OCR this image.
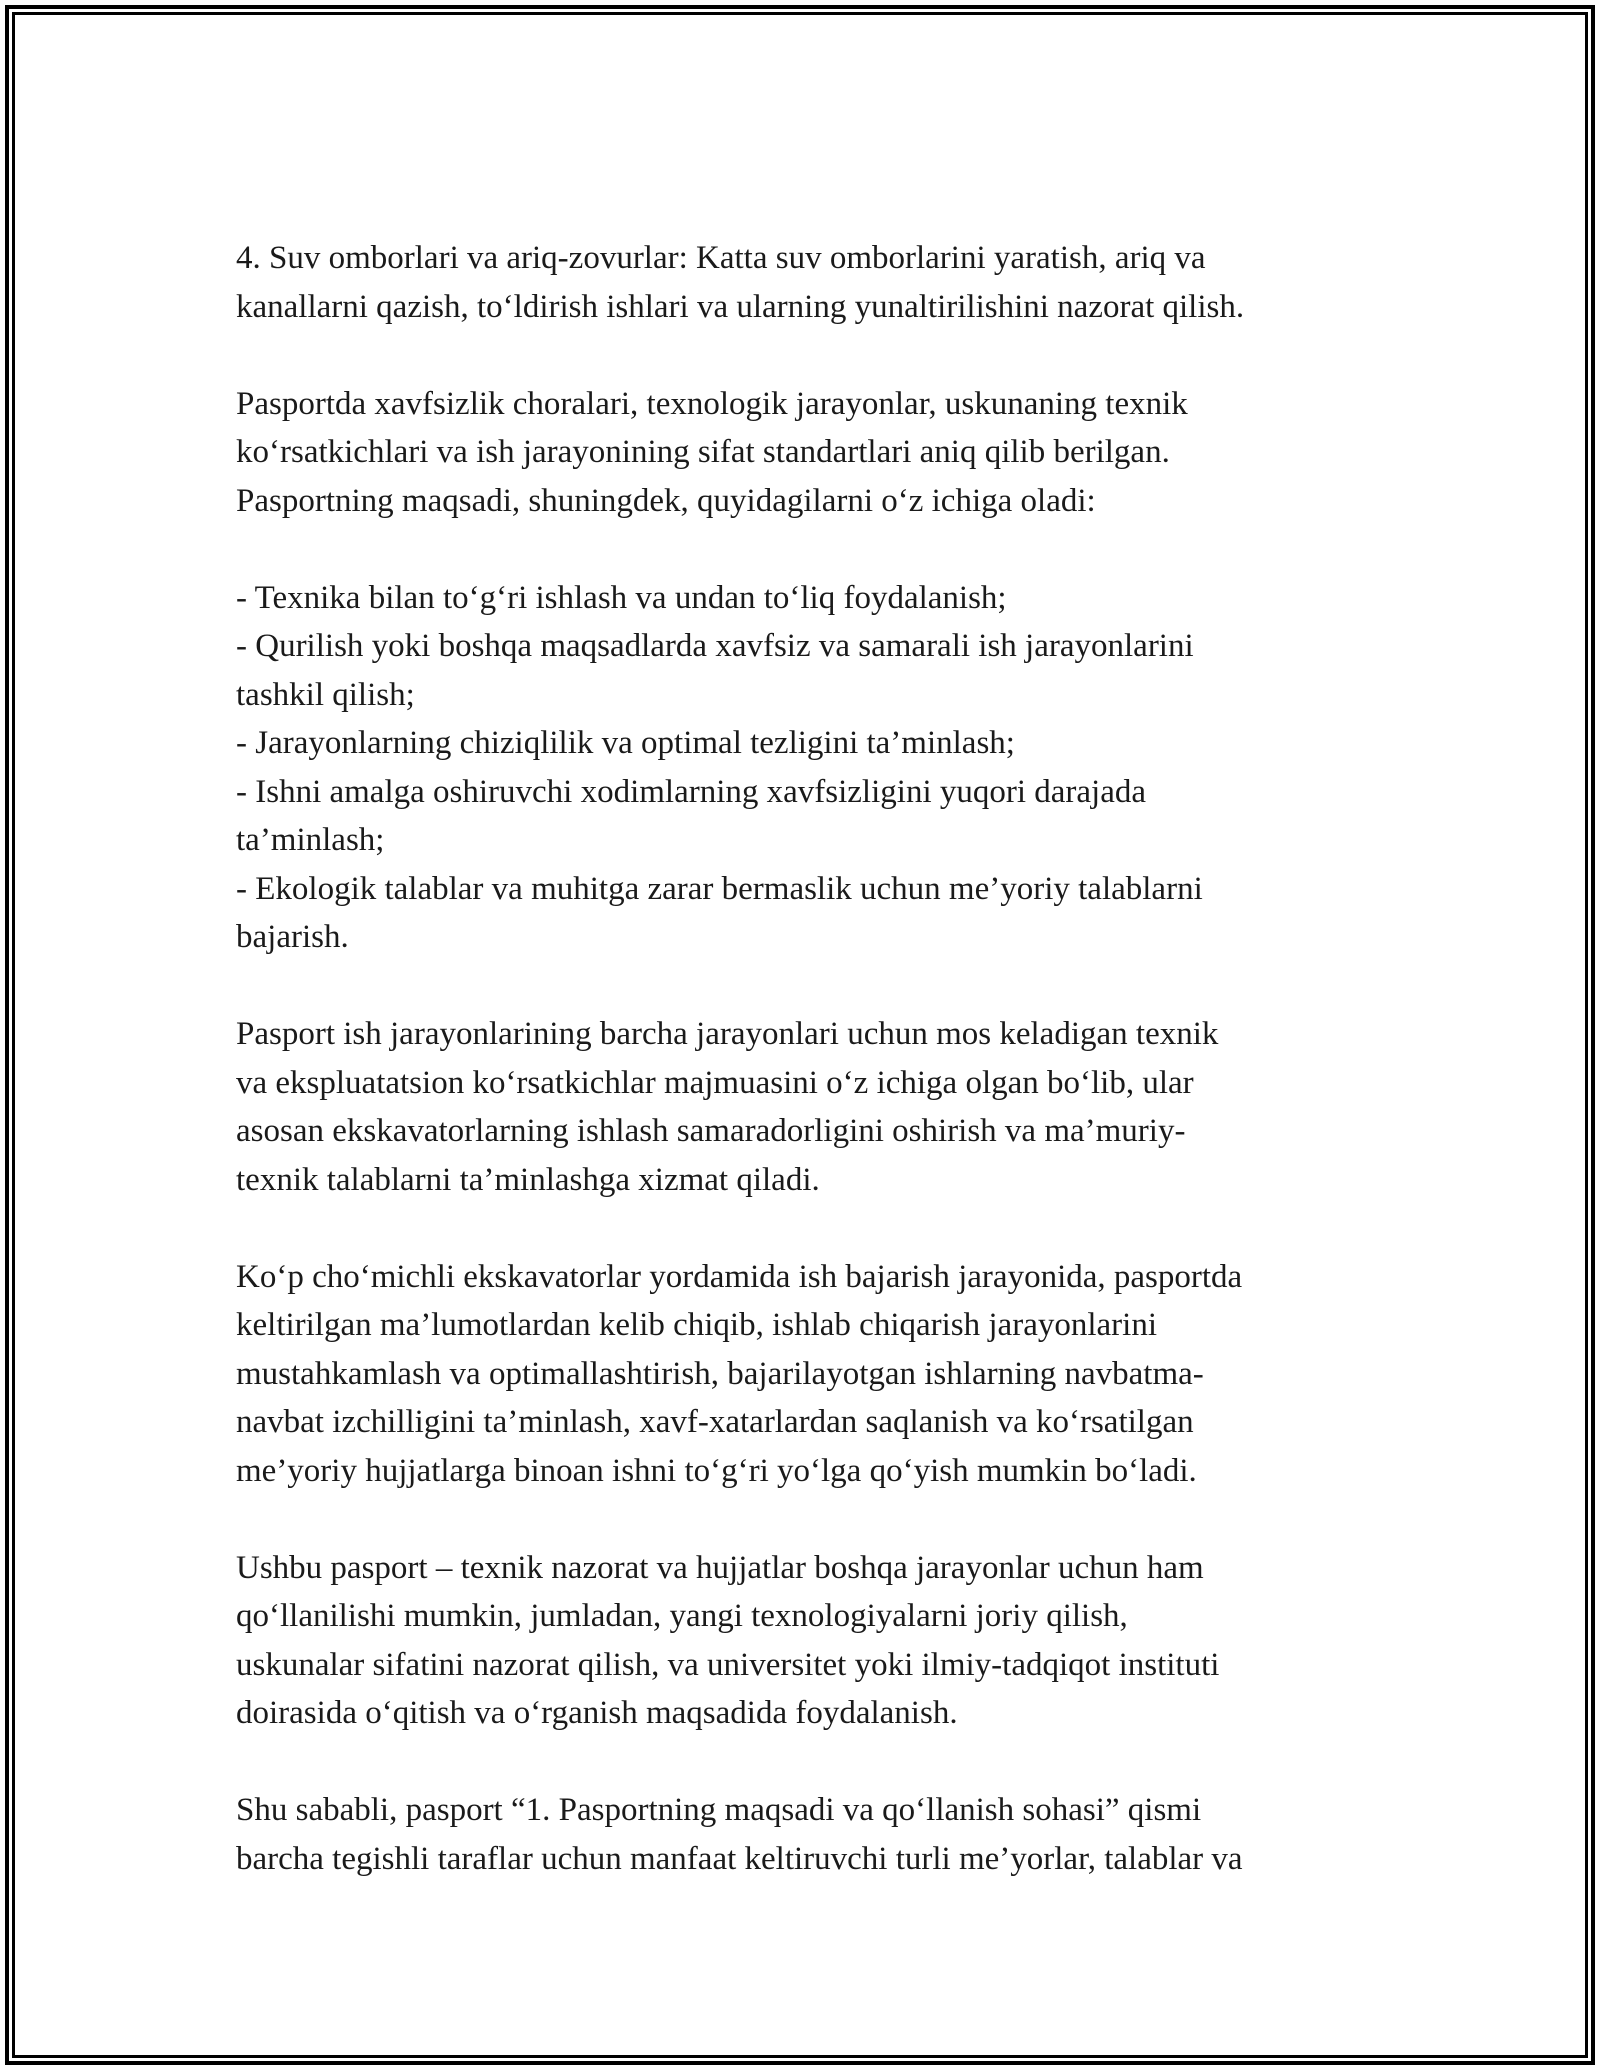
4. Suv omborlari va ariq-zovurlar: Katta suv omborlarini yaratish, ariq va
kanallarni qazish, to‘ldirish ishlari va ularning yunaltirilishini nazorat qilish.

Pasportda xavfsizlik choralari, texnologik jarayonlar, uskunaning texnik
ko‘rsatkichlari va ish jarayonining sifat standartlari aniq qilib berilgan.
Pasportning maqsadi, shuningdek, quyidagilarni o‘z ichiga oladi:

- Texnika bilan to‘g‘ri ishlash va undan to‘liq foydalanish;
- Qurilish yoki boshqa maqsadlarda xavfsiz va samarali ish jarayonlarini
tashkil qilish;
- Jarayonlarning chiziqlilik va optimal tezligini ta’minlash;
- Ishni amalga oshiruvchi xodimlarning xavfsizligini yuqori darajada
ta’minlash;
- Ekologik talablar va muhitga zarar bermaslik uchun me’yoriy talablarni
bajarish.

Pasport ish jarayonlarining barcha jarayonlari uchun mos keladigan texnik
va ekspluatatsion ko‘rsatkichlar majmuasini o‘z ichiga olgan bo‘lib, ular
asosan ekskavatorlarning ishlash samaradorligini oshirish va ma’muriy-
texnik talablarni ta’minlashga xizmat qiladi.

Ko‘p cho‘michli ekskavatorlar yordamida ish bajarish jarayonida, pasportda
keltirilgan ma’lumotlardan kelib chiqib, ishlab chiqarish jarayonlarini
mustahkamlash va optimallashtirish, bajarilayotgan ishlarning navbatma-
navbat izchilligini ta’minlash, xavf-xatarlardan saqlanish va ko‘rsatilgan
me’yoriy hujjatlarga binoan ishni to‘g‘ri yo‘lga qo‘yish mumkin bo‘ladi.

Ushbu pasport – texnik nazorat va hujjatlar boshqa jarayonlar uchun ham
qo‘llanilishi mumkin, jumladan, yangi texnologiyalarni joriy qilish,
uskunalar sifatini nazorat qilish, va universitet yoki ilmiy-tadqiqot instituti
doirasida o‘qitish va o‘rganish maqsadida foydalanish.

Shu sababli, pasport “1. Pasportning maqsadi va qo‘llanish sohasi” qismi
barcha tegishli taraflar uchun manfaat keltiruvchi turli me’yorlar, talablar va
